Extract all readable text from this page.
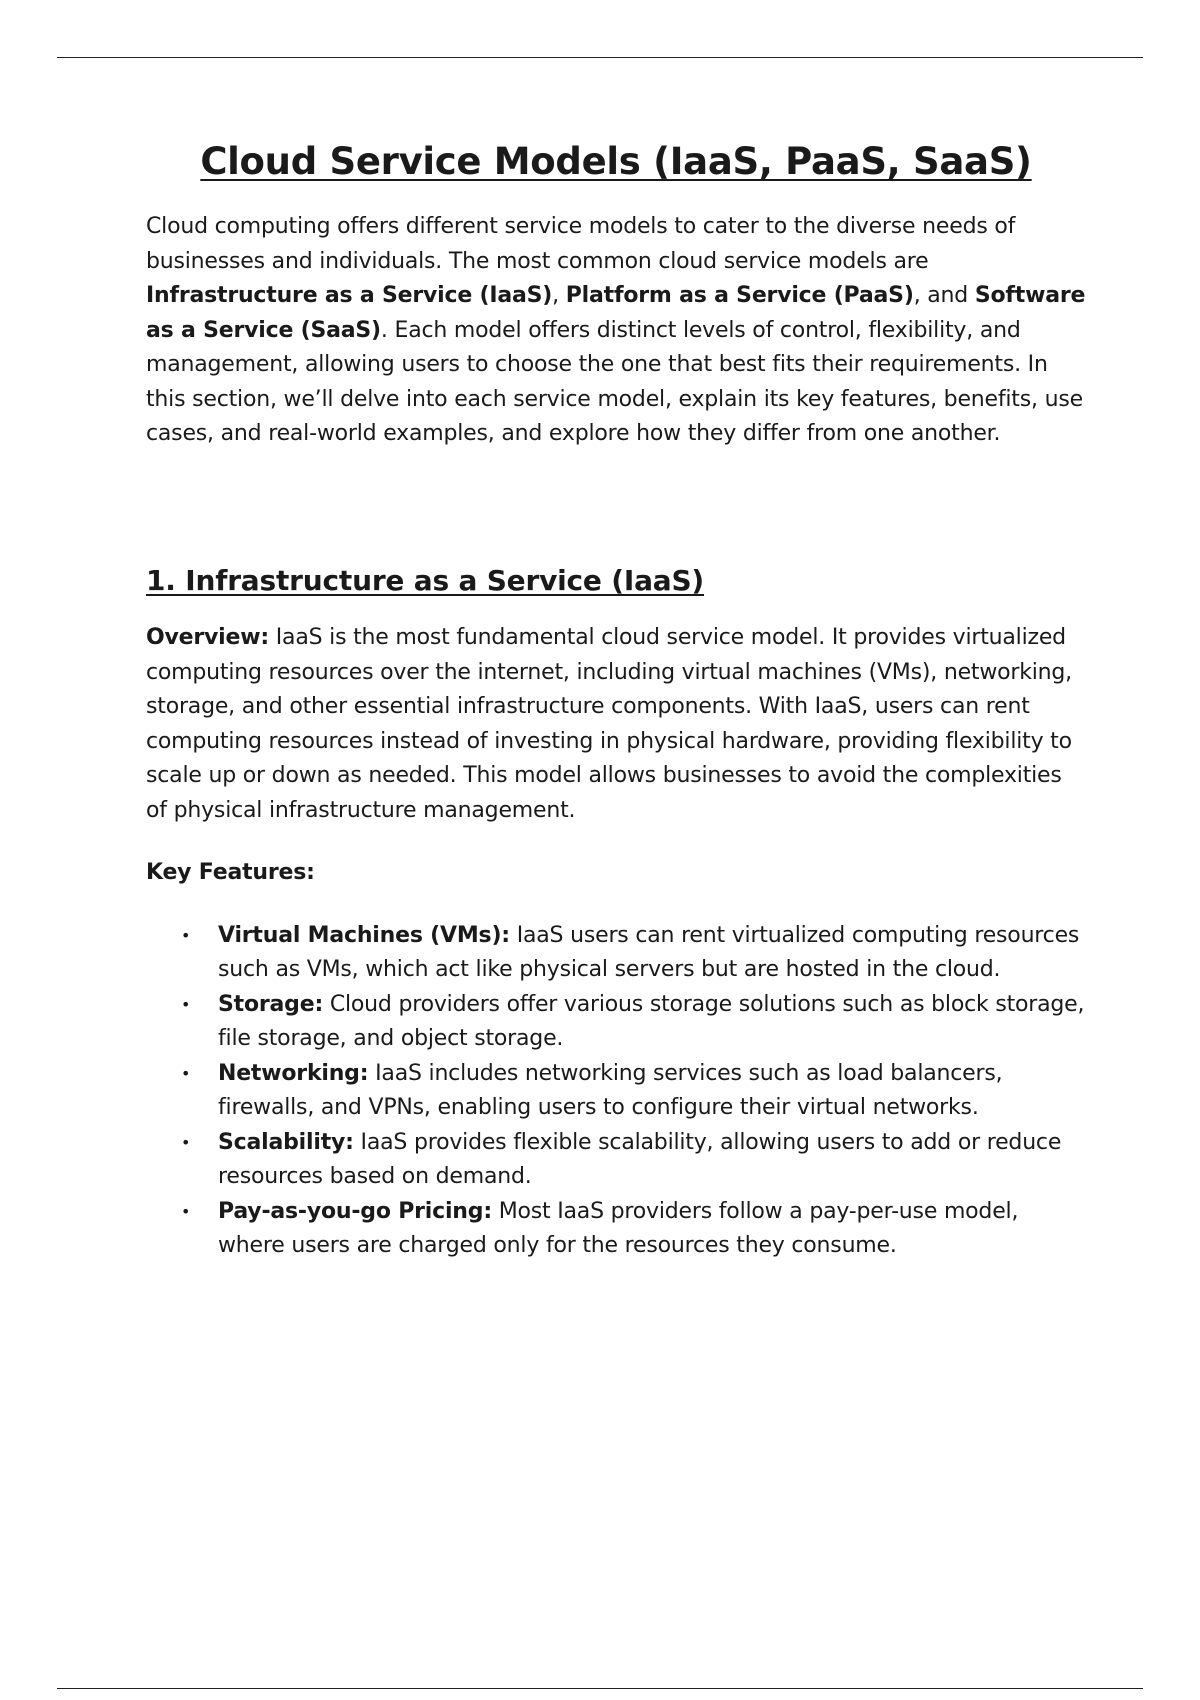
Cloud Service Models (IaaS, PaaS, SaaS)

Cloud computing offers different service models to cater to the diverse needs of businesses and individuals. The most common cloud service models are Infrastructure as a Service (IaaS), Platform as a Service (PaaS), and Software as a Service (SaaS). Each model offers distinct levels of control, flexibility, and management, allowing users to choose the one that best fits their requirements. In this section, we’ll delve into each service model, explain its key features, benefits, use cases, and real-world examples, and explore how they differ from one another.

1. Infrastructure as a Service (IaaS)

Overview: IaaS is the most fundamental cloud service model. It provides virtualized computing resources over the internet, including virtual machines (VMs), networking, storage, and other essential infrastructure components. With IaaS, users can rent computing resources instead of investing in physical hardware, providing flexibility to scale up or down as needed. This model allows businesses to avoid the complexities of physical infrastructure management.

Key Features:

• Virtual Machines (VMs): IaaS users can rent virtualized computing resources such as VMs, which act like physical servers but are hosted in the cloud.
• Storage: Cloud providers offer various storage solutions such as block storage, file storage, and object storage.
• Networking: IaaS includes networking services such as load balancers, firewalls, and VPNs, enabling users to configure their virtual networks.
• Scalability: IaaS provides flexible scalability, allowing users to add or reduce resources based on demand.
• Pay-as-you-go Pricing: Most IaaS providers follow a pay-per-use model, where users are charged only for the resources they consume.
